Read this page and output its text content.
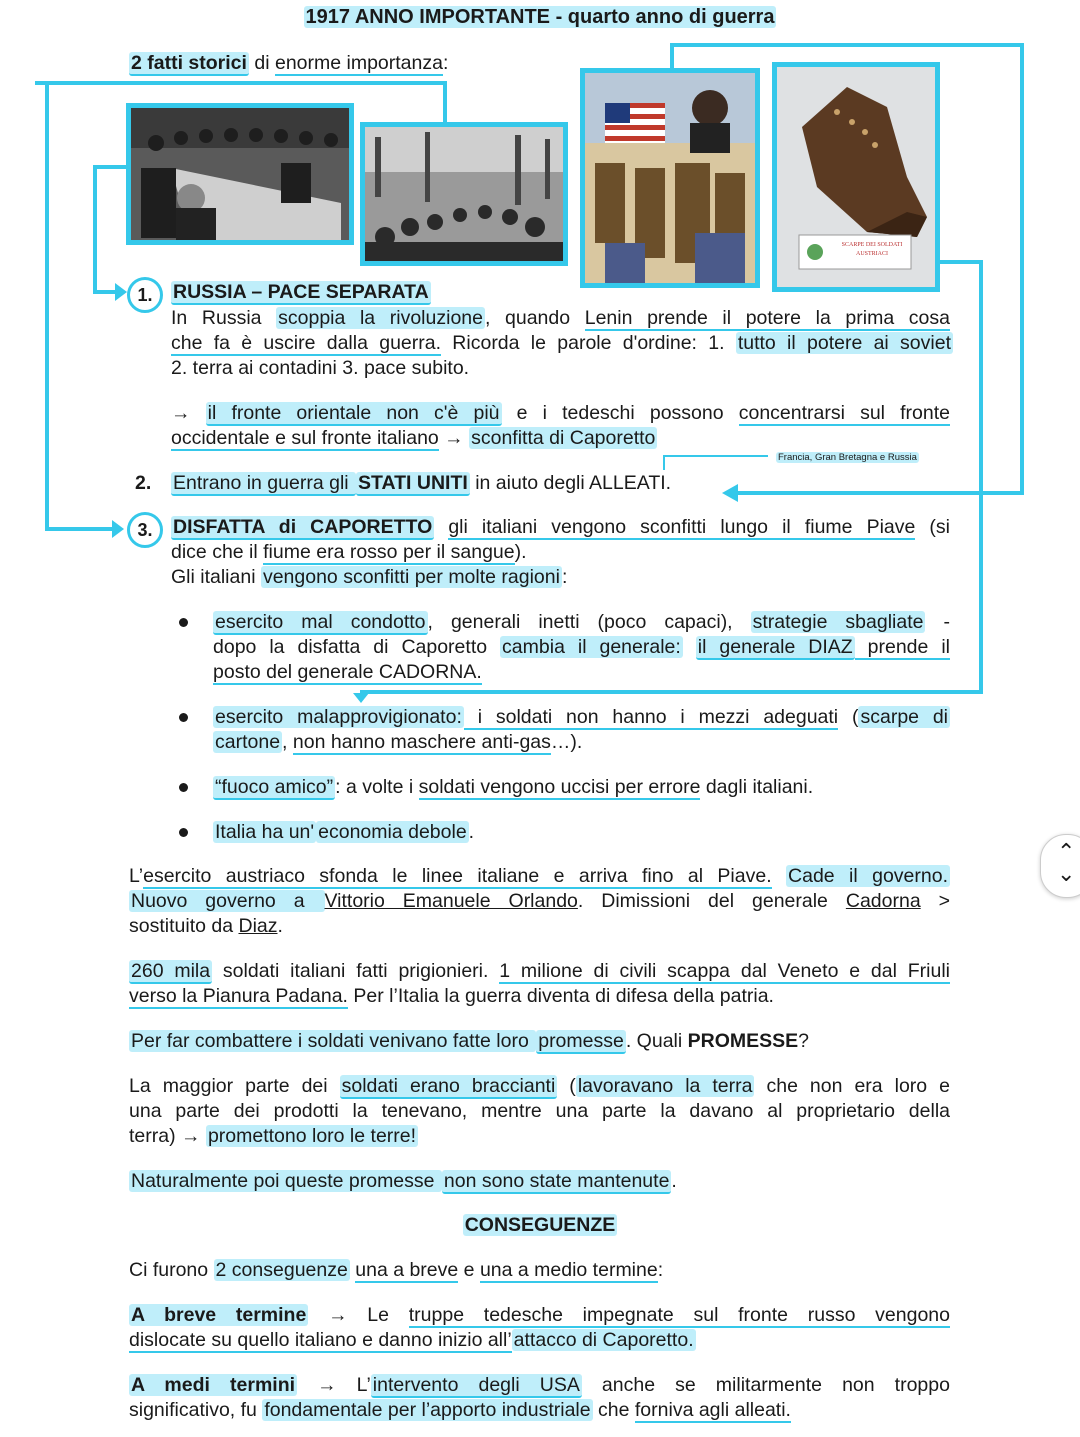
1917 ANNO IMPORTANTE - quarto anno di guerra
2 fatti storici di enorme importanza:
SCARPE DEI SOLDATI
AUSTRIACI
1.	RUSSIA – PACE SEPARATA
In Russia scoppia la rivoluzione , quando Lenin prende il potere la prima cosa
che fa è uscire dalla guerra. Ricorda le parole d'ordine: 1. tutto il potere ai soviet
2. terra ai contadini 3. pace subito.
→ il fronte orientale non c'è più e i tedeschi possono concentrarsi sul fronte
occidentale e sul fronte italiano → sconfitta di Caporetto
Francia, Gran Bretagna e Russia
2. Entrano in guerra gli STATI UNITI in aiuto degli ALLEATI.
3.	DISFATTA di CAPORETTO gli italiani vengono sconfitti lungo il fiume Piave (si
dice che il fiume era rosso per il sangue).
Gli italiani vengono sconfitti per molte ragioni :
esercito mal condotto , generali inetti (poco capaci), strategie sbagliate -
dopo la disfatta di Caporetto cambia il generale: il generale DIAZ prende il
posto del generale CADORNA.
esercito malapprovigionato: i soldati non hanno i mezzi adeguati ( scarpe di
cartone , non hanno maschere anti-gas…).
“fuoco amico” : a volte i soldati vengono uccisi per errore dagli italiani.
Italia ha un' economia debole .
L’esercito austriaco sfonda le linee italiane e arriva fino al Piave. Cade il governo.
Nuovo governo a Vittorio Emanuele Orlando. Dimissioni del generale Cadorna >
sostituito da Diaz.
260 mila soldati italiani fatti prigionieri. 1 milione di civili scappa dal Veneto e dal Friuli
verso la Pianura Padana. Per l’Italia la guerra diventa di difesa della patria.
Per far combattere i soldati venivano fatte loro promesse . Quali PROMESSE?
La maggior parte dei soldati erano braccianti ( lavoravano la terra che non era loro e
una parte dei prodotti la tenevano, mentre una parte la davano al proprietario della
terra) → promettono loro le terre!
Naturalmente poi queste promesse non sono state mantenute .
CONSEGUENZE
Ci furono 2 conseguenze una a breve e una a medio termine:
A breve termine → Le truppe tedesche impegnate sul fronte russo vengono
dislocate su quello italiano e danno inizio all’ attacco di Caporetto.
A medi termini → L’ intervento degli USA anche se militarmente non troppo
significativo, fu fondamentale per l’apporto industriale che forniva agli alleati.
⌃
⌄
